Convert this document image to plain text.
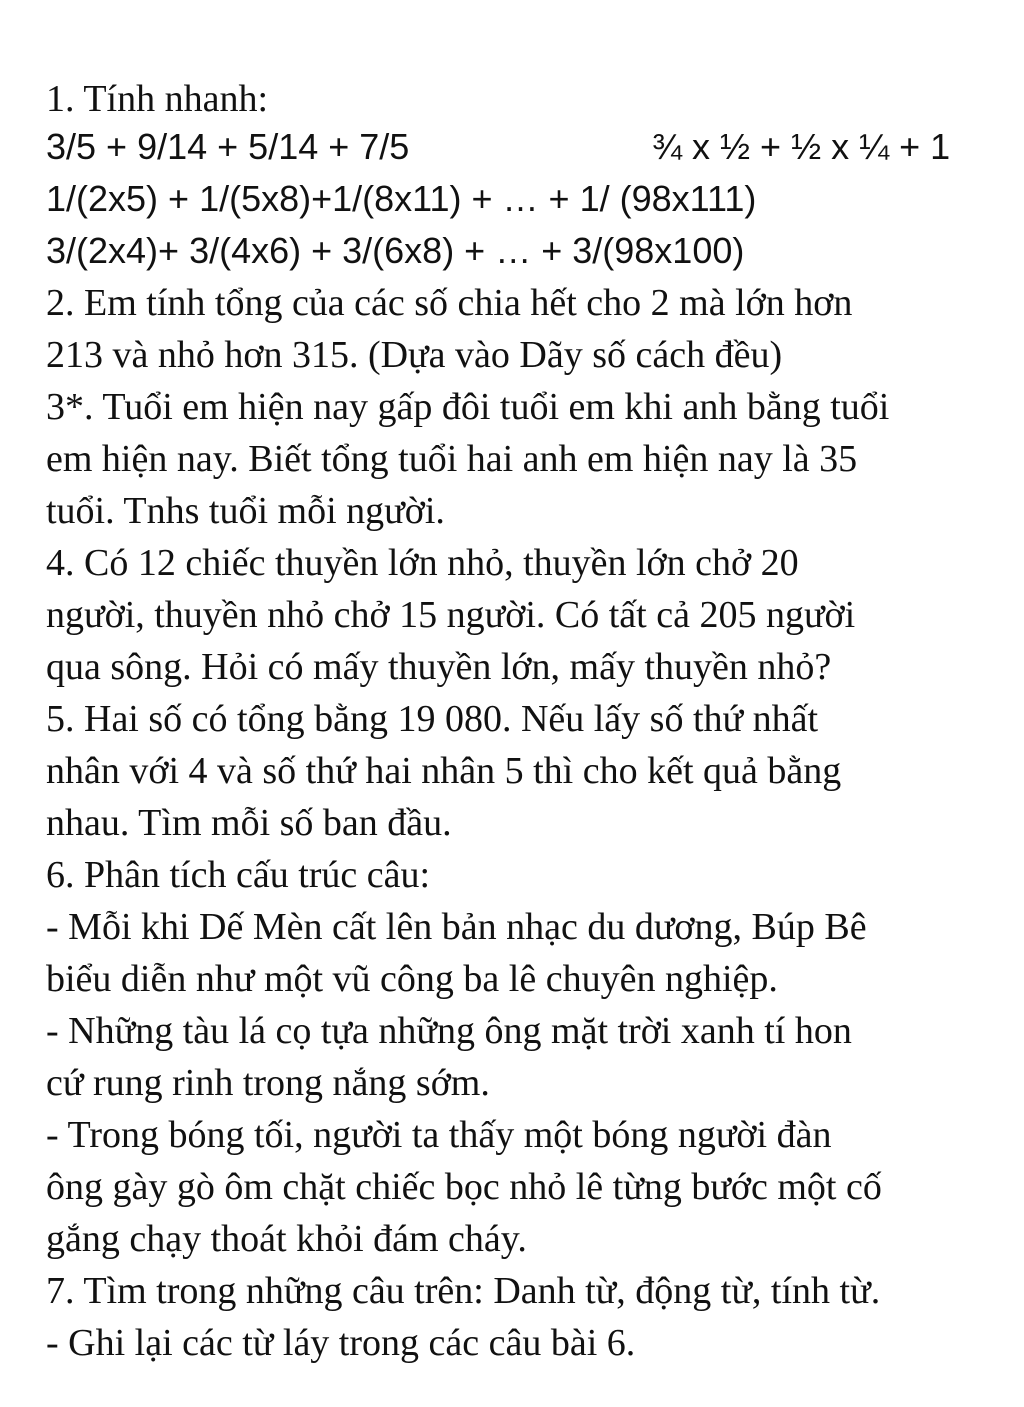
1. Tính nhanh:
3/5 + 9/14 + 5/14 + 7/5	¾ x ½ + ½ x ¼ + 1
1/(2x5) + 1/(5x8)+1/(8x11) + … + 1/ (98x111)
3/(2x4)+ 3/(4x6) + 3/(6x8) + … + 3/(98x100)
2. Em tính tổng của các số chia hết cho 2 mà lớn hơn
213 và nhỏ hơn 315. (Dựa vào Dãy số cách đều)
3*. Tuổi em hiện nay gấp đôi tuổi em khi anh bằng tuổi
em hiện nay. Biết tổng tuổi hai anh em hiện nay là 35
tuổi. Tnhs tuổi mỗi người.
4. Có 12 chiếc thuyền lớn nhỏ, thuyền lớn chở 20
người, thuyền nhỏ chở 15 người. Có tất cả 205 người
qua sông. Hỏi có mấy thuyền lớn, mấy thuyền nhỏ?
5. Hai số có tổng bằng 19 080. Nếu lấy số thứ nhất
nhân với 4 và số thứ hai nhân 5 thì cho kết quả bằng
nhau. Tìm mỗi số ban đầu.
6. Phân tích cấu trúc câu:
- Mỗi khi Dế Mèn cất lên bản nhạc du dương, Búp Bê
biểu diễn như một vũ công ba lê chuyên nghiệp.
- Những tàu lá cọ tựa những ông mặt trời xanh tí hon
cứ rung rinh trong nắng sớm.
- Trong bóng tối, người ta thấy một bóng người đàn
ông gày gò ôm chặt chiếc bọc nhỏ lê từng bước một cố
gắng chạy thoát khỏi đám cháy.
7. Tìm trong những câu trên: Danh từ, động từ, tính từ.
- Ghi lại các từ láy trong các câu bài 6.
